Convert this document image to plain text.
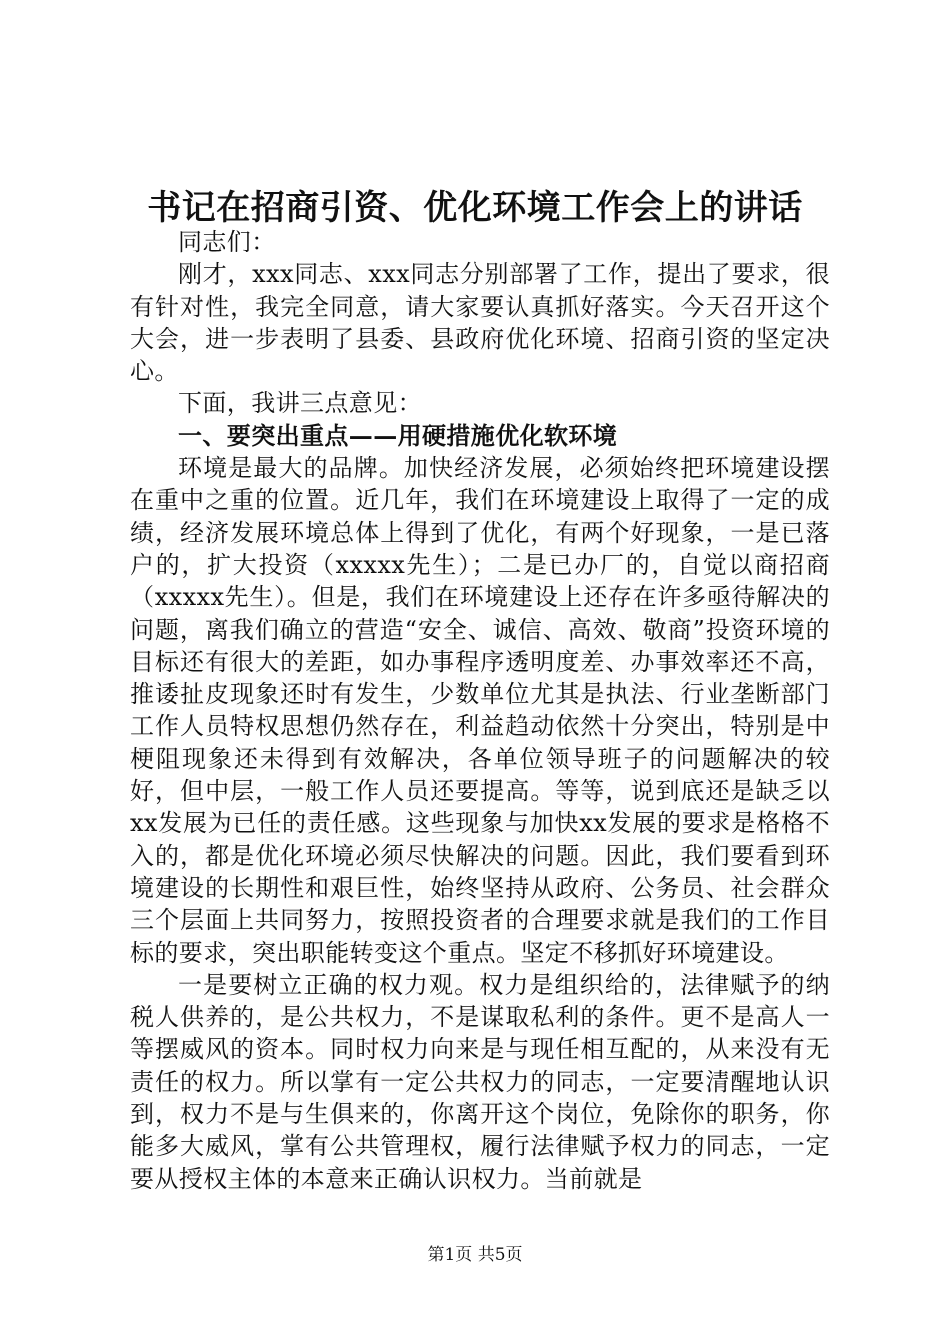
书记在招商引资、优化环境工作会上的讲话

同志们：

刚才，xxx同志、xxx同志分别部署了工作，提出了要求，很有针对性，我完全同意，请大家要认真抓好落实。今天召开这个大会，进一步表明了县委、县政府优化环境、招商引资的坚定决心。

下面，我讲三点意见：

一、要突出重点——用硬措施优化软环境

环境是最大的品牌。加快经济发展，必须始终把环境建设摆在重中之重的位置。近几年，我们在环境建设上取得了一定的成绩，经济发展环境总体上得到了优化，有两个好现象，一是已落户的，扩大投资（xxxxx先生）；二是已办厂的，自觉以商招商（xxxxx先生）。但是，我们在环境建设上还存在许多亟待解决的问题，离我们确立的营造“安全、诚信、高效、敬商”投资环境的目标还有很大的差距，如办事程序透明度差、办事效率还不高，推诿扯皮现象还时有发生，少数单位尤其是执法、行业垄断部门工作人员特权思想仍然存在，利益趋动依然十分突出，特别是中梗阻现象还未得到有效解决，各单位领导班子的问题解决的较好，但中层，一般工作人员还要提高。等等，说到底还是缺乏以xx发展为已任的责任感。这些现象与加快xx发展的要求是格格不入的，都是优化环境必须尽快解决的问题。因此，我们要看到环境建设的长期性和艰巨性，始终坚持从政府、公务员、社会群众三个层面上共同努力，按照投资者的合理要求就是我们的工作目标的要求，突出职能转变这个重点。坚定不移抓好环境建设。

一是要树立正确的权力观。权力是组织给的，法律赋予的纳税人供养的，是公共权力，不是谋取私利的条件。更不是高人一等摆威风的资本。同时权力向来是与现任相互配的，从来没有无责任的权力。所以掌有一定公共权力的同志，一定要清醒地认识到，权力不是与生俱来的，你离开这个岗位，免除你的职务，你能多大威风，掌有公共管理权，履行法律赋予权力的同志，一定要从授权主体的本意来正确认识权力。当前就是

第1页 共5页
